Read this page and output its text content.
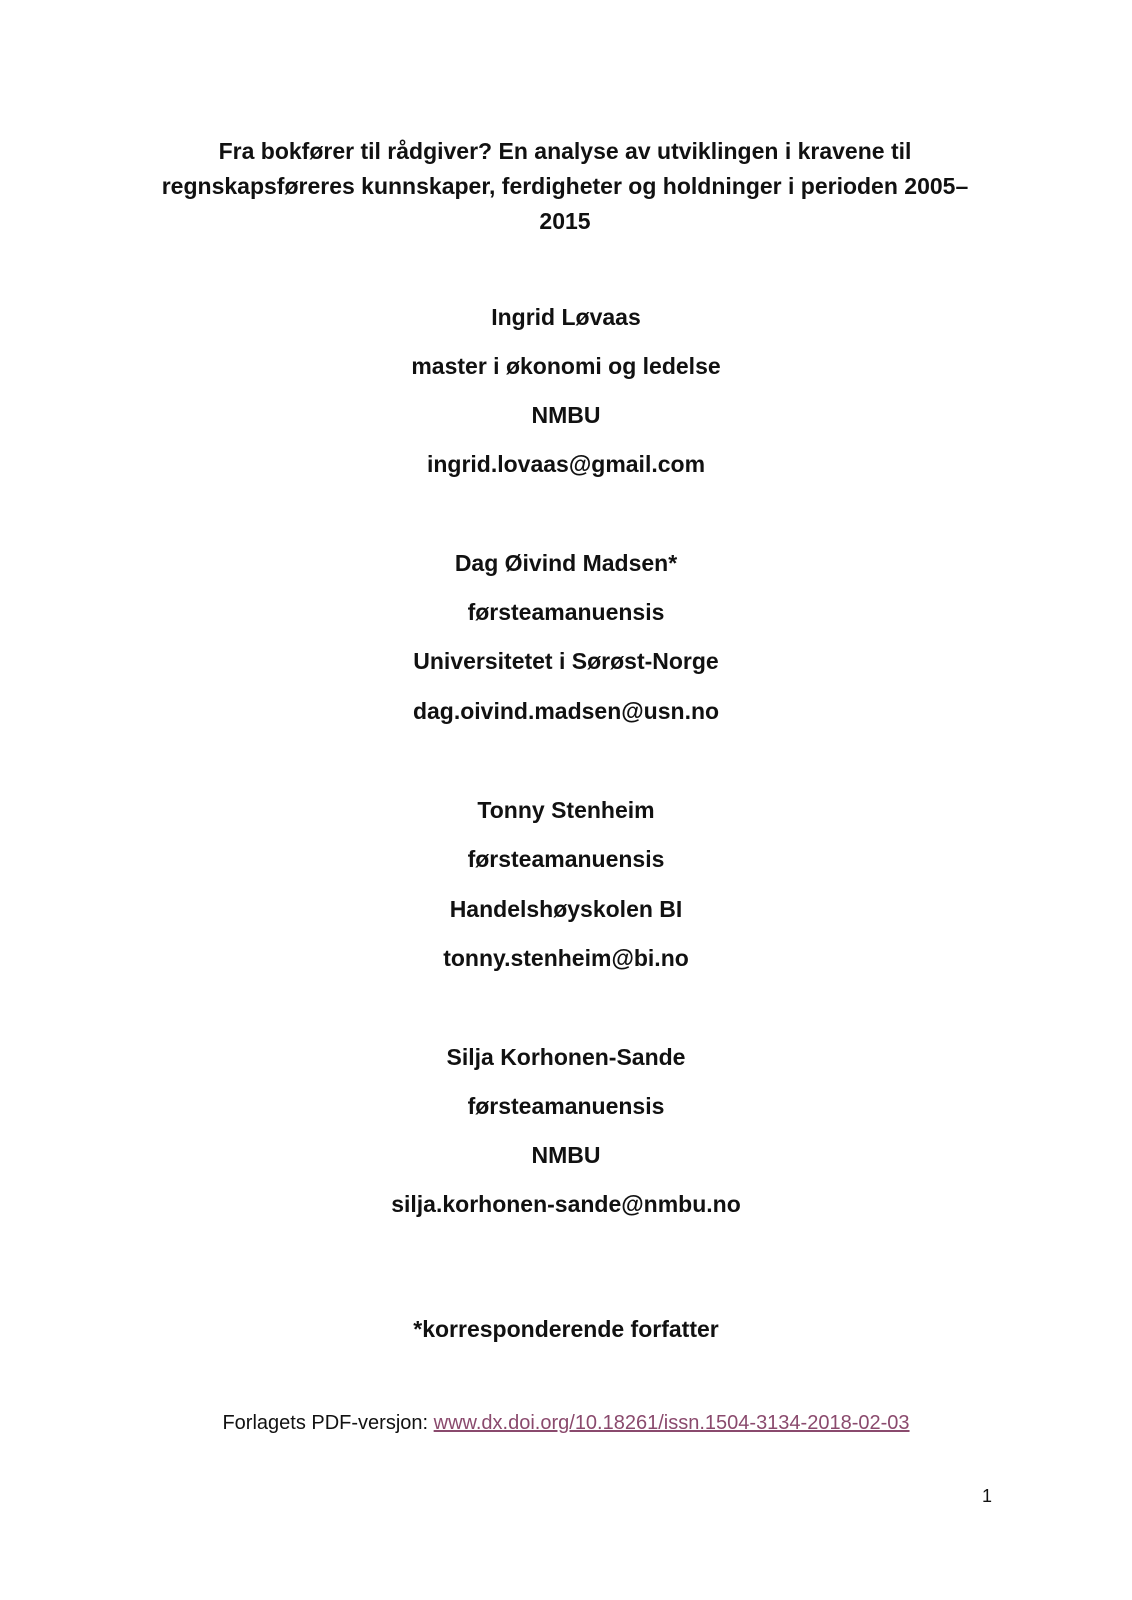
Fra bokfører til rådgiver? En analyse av utviklingen i kravene til
regnskapsføreres kunnskaper, ferdigheter og holdninger i perioden 2005–
2015
Ingrid Løvaas
master i økonomi og ledelse
NMBU
ingrid.lovaas@gmail.com
Dag Øivind Madsen*
førsteamanuensis
Universitetet i Sørøst-Norge
dag.oivind.madsen@usn.no
Tonny Stenheim
førsteamanuensis
Handelshøyskolen BI
tonny.stenheim@bi.no
Silja Korhonen-Sande
førsteamanuensis
NMBU
silja.korhonen-sande@nmbu.no
*korresponderende forfatter
Forlagets PDF-versjon: www.dx.doi.org/10.18261/issn.1504-3134-2018-02-03
1
